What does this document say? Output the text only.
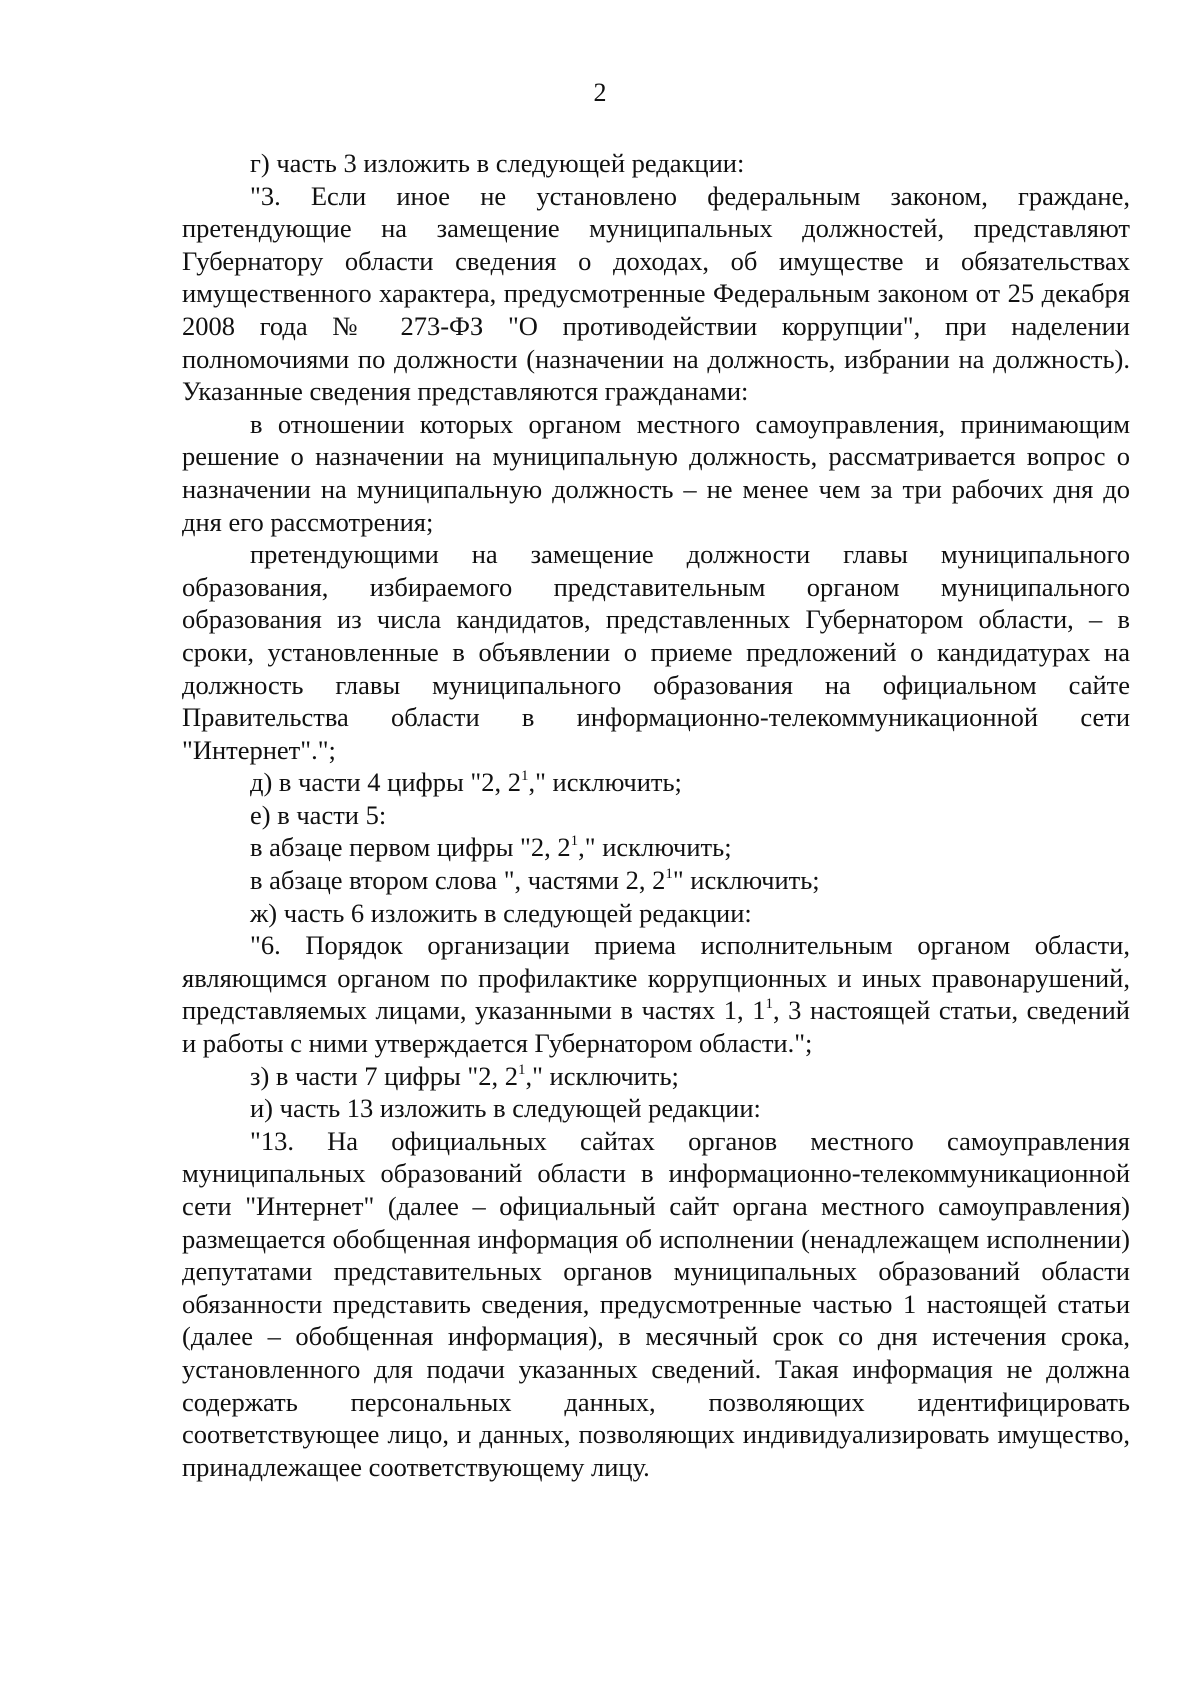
2

г) часть 3 изложить в следующей редакции:

"3. Если иное не установлено федеральным законом, граждане, претендующие на замещение муниципальных должностей, представляют Губернатору области сведения о доходах, об имуществе и обязательствах имущественного характера, предусмотренные Федеральным законом от 25 декабря 2008 года № 273-ФЗ "О противодействии коррупции", при наделении полномочиями по должности (назначении на должность, избрании на должность). Указанные сведения представляются гражданами:

в отношении которых органом местного самоуправления, принимающим решение о назначении на муниципальную должность, рассматривается вопрос о назначении на муниципальную должность – не менее чем за три рабочих дня до дня его рассмотрения;

претендующими на замещение должности главы муниципального образования, избираемого представительным органом муниципального образования из числа кандидатов, представленных Губернатором области, – в сроки, установленные в объявлении о приеме предложений о кандидатурах на должность главы муниципального образования на официальном сайте Правительства области в информационно-телекоммуникационной сети "Интернет".";

д) в части 4 цифры "2, $2^1$," исключить;

е) в части 5:

в абзаце первом цифры "2, $2^1$," исключить;

в абзаце втором слова ", частями 2, $2^1$" исключить;

ж) часть 6 изложить в следующей редакции:

"6. Порядок организации приема исполнительным органом области, являющимся органом по профилактике коррупционных и иных правонарушений, представляемых лицами, указанными в частях 1, $1^1$, 3 настоящей статьи, сведений и работы с ними утверждается Губернатором области.";

з) в части 7 цифры "2, $2^1$," исключить;

и) часть 13 изложить в следующей редакции:

"13. На официальных сайтах органов местного самоуправления муниципальных образований области в информационно-телекоммуникационной сети "Интернет" (далее – официальный сайт органа местного самоуправления) размещается обобщенная информация об исполнении (ненадлежащем исполнении) депутатами представительных органов муниципальных образований области обязанности представить сведения, предусмотренные частью 1 настоящей статьи (далее – обобщенная информация), в месячный срок со дня истечения срока, установленного для подачи указанных сведений. Такая информация не должна содержать персональных данных, позволяющих идентифицировать соответствующее лицо, и данных, позволяющих индивидуализировать имущество, принадлежащее соответствующему лицу.
